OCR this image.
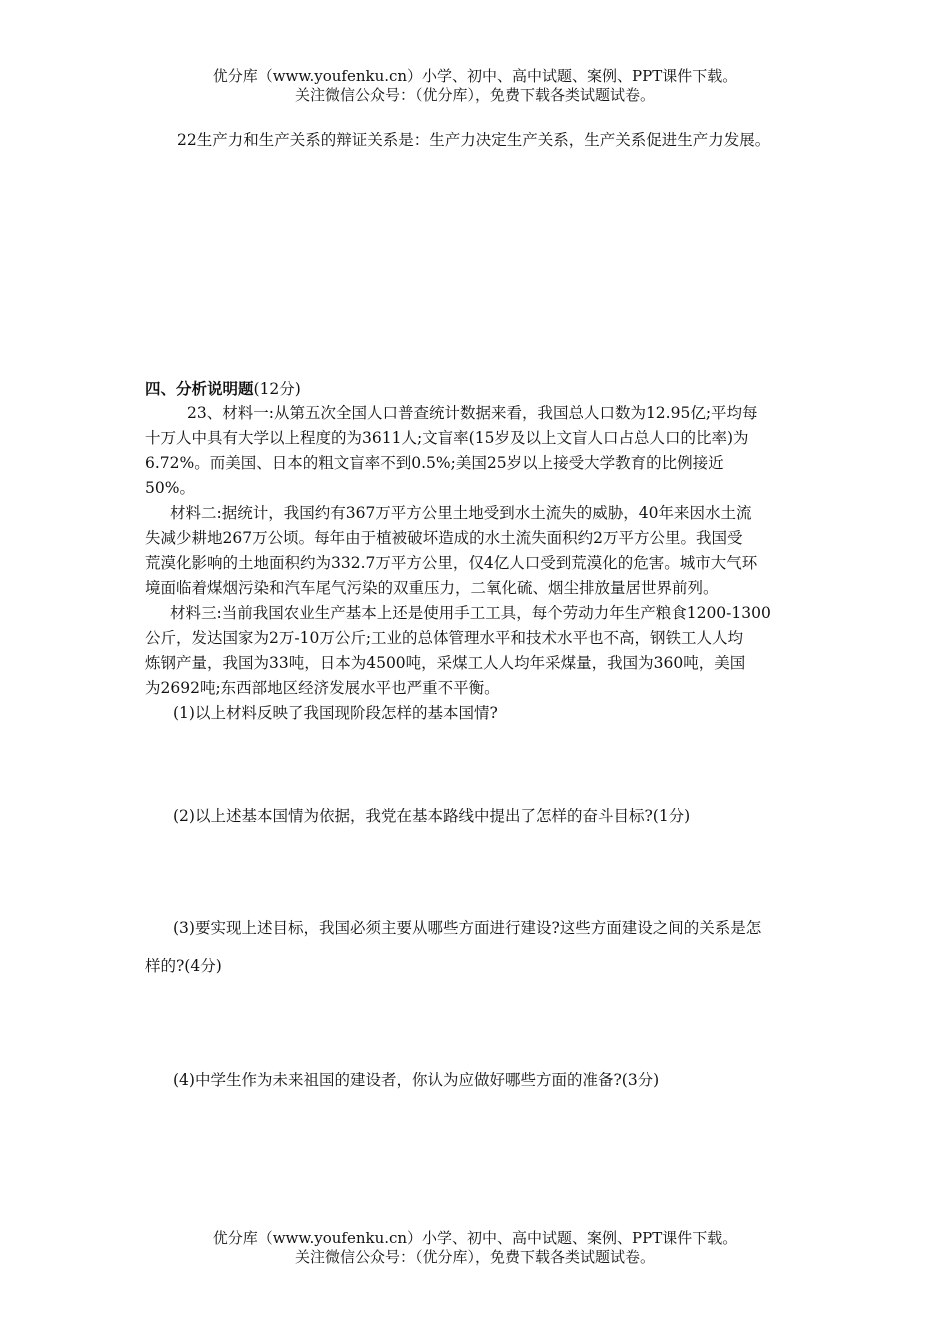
优分库（www.youfenku.cn）小学、初中、高中试题、案例、PPT课件下载。
关注微信公众号：（优分库），免费下载各类试题试卷。
22生产力和生产关系的辩证关系是：生产力决定生产关系，生产关系促进生产力发展。
四、分析说明题(12分)
23、材料一:从第五次全国人口普查统计数据来看，我国总人口数为12.95亿;平均每
十万人中具有大学以上程度的为3611人;文盲率(15岁及以上文盲人口占总人口的比率)为
6.72%。而美国、日本的粗文盲率不到0.5%;美国25岁以上接受大学教育的比例接近
50%。
材料二:据统计，我国约有367万平方公里土地受到水土流失的威胁，40年来因水土流
失减少耕地267万公顷。每年由于植被破坏造成的水土流失面积约2万平方公里。我国受
荒漠化影响的土地面积约为332.7万平方公里，仅4亿人口受到荒漠化的危害。城市大气环
境面临着煤烟污染和汽车尾气污染的双重压力，二氧化硫、烟尘排放量居世界前列。
材料三:当前我国农业生产基本上还是使用手工工具，每个劳动力年生产粮食1200-1300
公斤，发达国家为2万-10万公斤;工业的总体管理水平和技术水平也不高，钢铁工人人均
炼钢产量，我国为33吨，日本为4500吨，采煤工人人均年采煤量，我国为360吨，美国
为2692吨;东西部地区经济发展水平也严重不平衡。
(1)以上材料反映了我国现阶段怎样的基本国情?
(2)以上述基本国情为依据，我党在基本路线中提出了怎样的奋斗目标?(1分)
(3)要实现上述目标，我国必须主要从哪些方面进行建设?这些方面建设之间的关系是怎
样的?(4分)
(4)中学生作为未来祖国的建设者，你认为应做好哪些方面的准备?(3分)
优分库（www.youfenku.cn）小学、初中、高中试题、案例、PPT课件下载。
关注微信公众号：（优分库），免费下载各类试题试卷。
